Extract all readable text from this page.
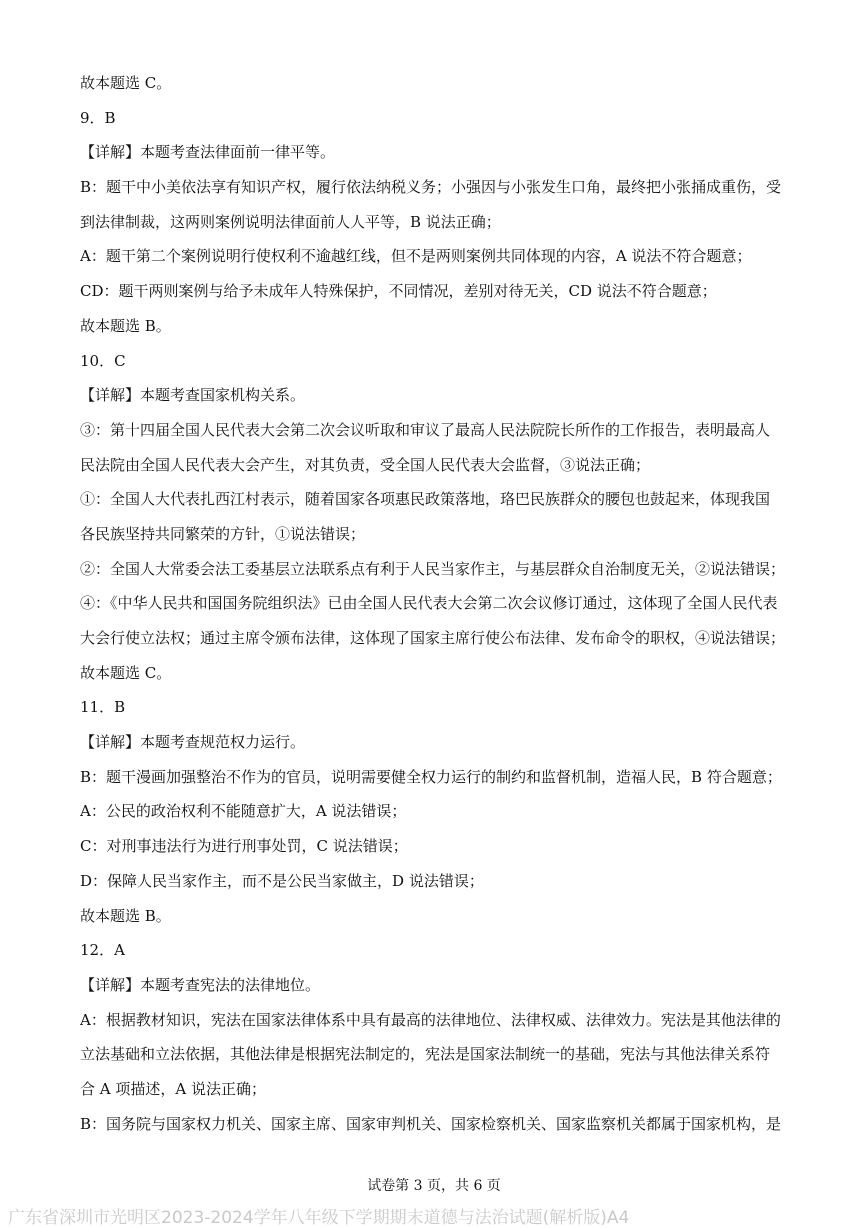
故本题选 C。
9．B
【详解】本题考查法律面前一律平等。
B：题干中小美依法享有知识产权，履行依法纳税义务；小强因与小张发生口角，最终把小张捅成重伤，受
到法律制裁，这两则案例说明法律面前人人平等，B 说法正确；
A：题干第二个案例说明行使权利不逾越红线，但不是两则案例共同体现的内容，A 说法不符合题意；
CD：题干两则案例与给予未成年人特殊保护，不同情况，差别对待无关，CD 说法不符合题意；
故本题选 B。
10．C
【详解】本题考查国家机构关系。
③：第十四届全国人民代表大会第二次会议听取和审议了最高人民法院院长所作的工作报告，表明最高人
民法院由全国人民代表大会产生，对其负责，受全国人民代表大会监督，③说法正确；
①：全国人大代表扎西江村表示，随着国家各项惠民政策落地，珞巴民族群众的腰包也鼓起来，体现我国
各民族坚持共同繁荣的方针，①说法错误；
②：全国人大常委会法工委基层立法联系点有利于人民当家作主，与基层群众自治制度无关，②说法错误；
④：《中华人民共和国国务院组织法》已由全国人民代表大会第二次会议修订通过，这体现了全国人民代表
大会行使立法权；通过主席令颁布法律，这体现了国家主席行使公布法律、发布命令的职权，④说法错误；
故本题选 C。
11．B
【详解】本题考查规范权力运行。
B：题干漫画加强整治不作为的官员，说明需要健全权力运行的制约和监督机制，造福人民，B 符合题意；
A：公民的政治权利不能随意扩大，A 说法错误；
C：对刑事违法行为进行刑事处罚，C 说法错误；
D：保障人民当家作主，而不是公民当家做主，D 说法错误；
故本题选 B。
12．A
【详解】本题考查宪法的法律地位。
A：根据教材知识，宪法在国家法律体系中具有最高的法律地位、法律权威、法律效力。宪法是其他法律的
立法基础和立法依据，其他法律是根据宪法制定的，宪法是国家法制统一的基础，宪法与其他法律关系符
合 A 项描述，A 说法正确；
B：国务院与国家权力机关、国家主席、国家审判机关、国家检察机关、国家监察机关都属于国家机构，是
试卷第 3 页，共 6 页
广东省深圳市光明区2023-2024学年八年级下学期期末道德与法治试题(解析版)A4
